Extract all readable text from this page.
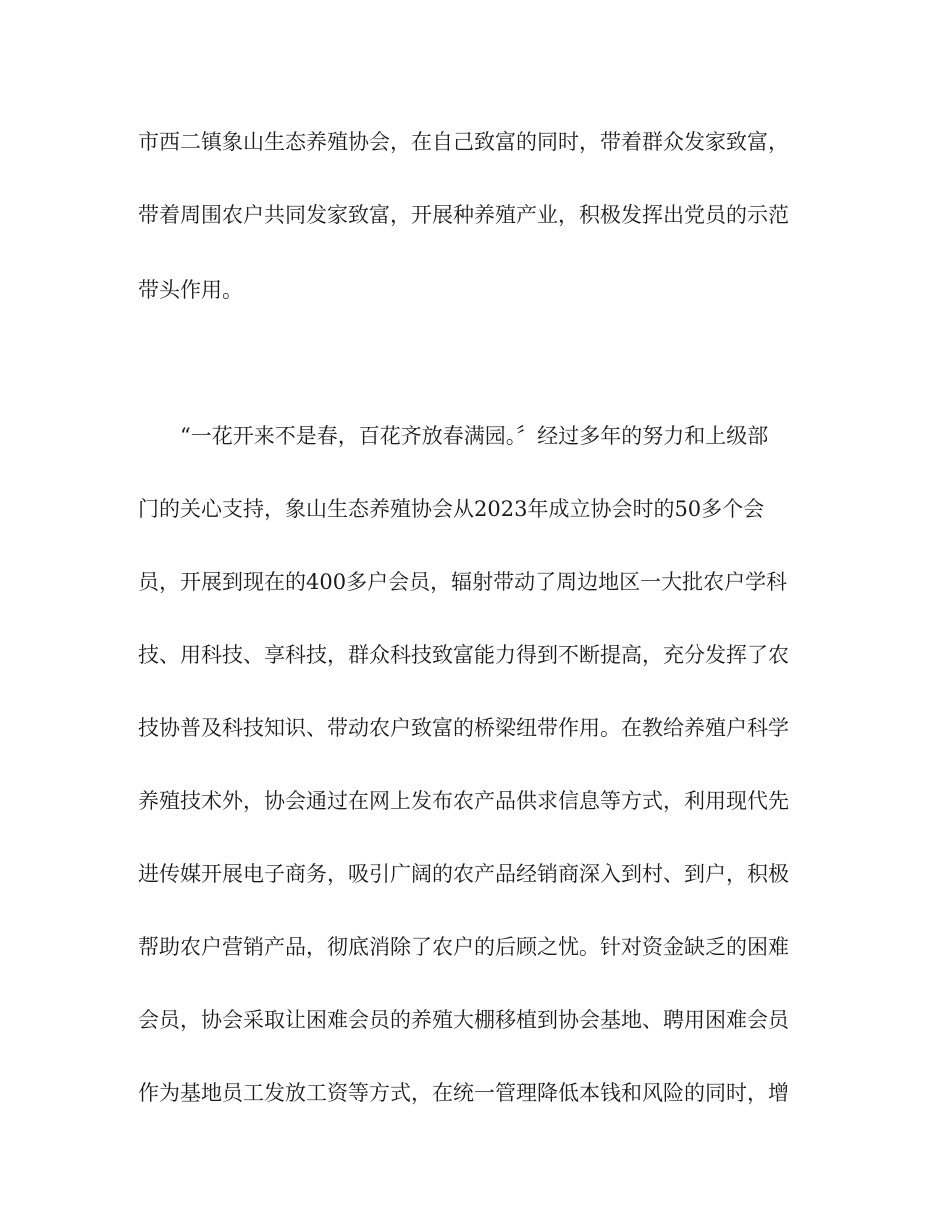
市西二镇象山生态养殖协会，在自己致富的同时，带着群众发家致富，
带着周围农户共同发家致富，开展种养殖产业，积极发挥出党员的示范
带头作用。
“一花开来不是春，百花齐放春满园。〞经过多年的努力和上级部
门的关心支持，象山生态养殖协会从2023年成立协会时的50多个会
员，开展到现在的400多户会员，辐射带动了周边地区一大批农户学科
技、用科技、享科技，群众科技致富能力得到不断提高，充分发挥了农
技协普及科技知识、带动农户致富的桥梁纽带作用。在教给养殖户科学
养殖技术外，协会通过在网上发布农产品供求信息等方式，利用现代先
进传媒开展电子商务，吸引广阔的农产品经销商深入到村、到户，积极
帮助农户营销产品，彻底消除了农户的后顾之忧。针对资金缺乏的困难
会员，协会采取让困难会员的养殖大棚移植到协会基地、聘用困难会员
作为基地员工发放工资等方式，在统一管理降低本钱和风险的同时，增
